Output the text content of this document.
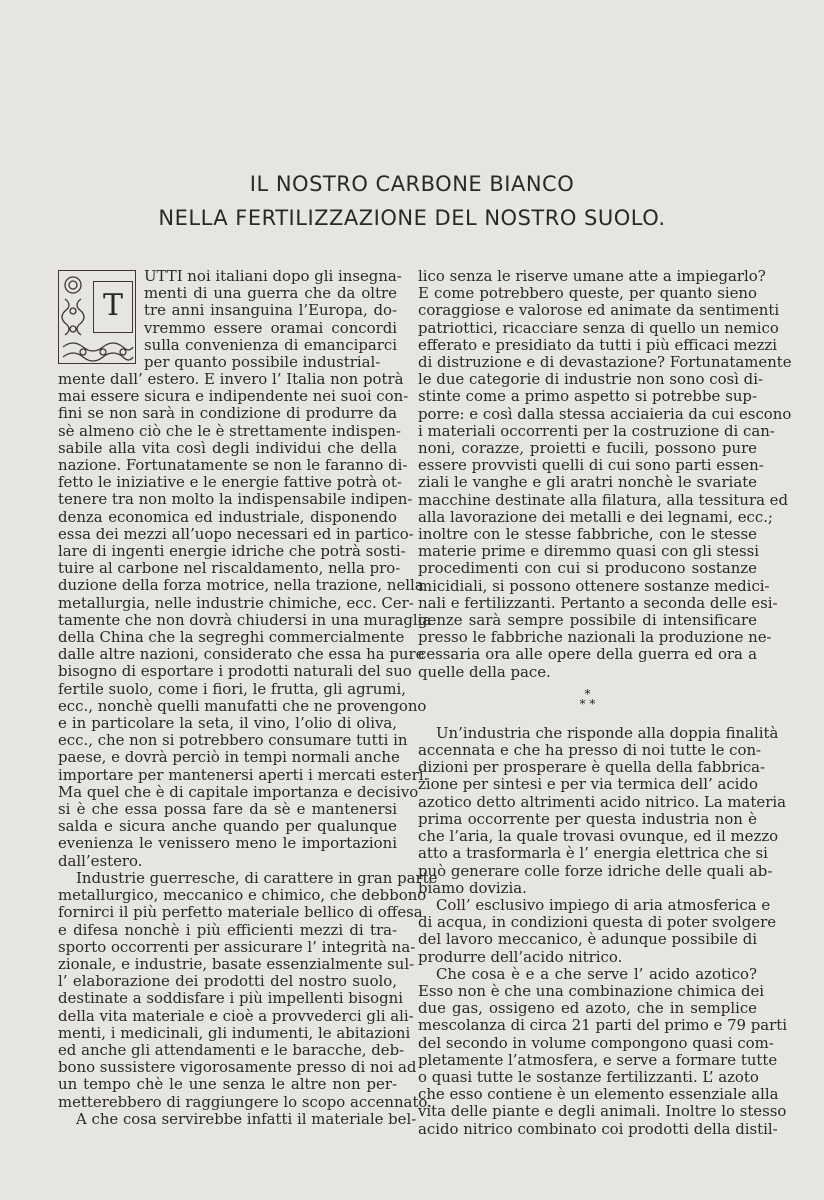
IL NOSTRO CARBONE BIANCO
NELLA FERTILIZZAZIONE DEL NOSTRO SUOLO.
T
UTTI noi italiani dopo gli insegna-
menti di una guerra che da oltre
tre anni insanguina l’Europa, do-
vremmo essere oramai concordi
sulla convenienza di emanciparci
per quanto possibile industrial-

mente dall’ estero. E invero l’ Italia non potrà
mai essere sicura e indipendente nei suoi con-
fini se non sarà in condizione di produrre da
sè almeno ciò che le è strettamente indispen-
sabile alla vita così degli individui che della
nazione. Fortunatamente se non le faranno di-
fetto le iniziative e le energie fattive potrà ot-
tenere tra non molto la indispensabile indipen-
denza economica ed industriale, disponendo
essa dei mezzi all’uopo necessari ed in partico-
lare di ingenti energie idriche che potrà sosti-
tuire al carbone nel riscaldamento, nella pro-
duzione della forza motrice, nella trazione, nella
metallurgia, nelle industrie chimiche, ecc. Cer-
tamente che non dovrà chiudersi in una muraglia
della China che la segreghi commercialmente
dalle altre nazioni, considerato che essa ha pure
bisogno di esportare i prodotti naturali del suo
fertile suolo, come i fiori, le frutta, gli agrumi,
ecc., nonchè quelli manufatti che ne provengono
e in particolare la seta, il vino, l’olio di oliva,
ecc., che non si potrebbero consumare tutti in
paese, e dovrà perciò in tempi normali anche
importare per mantenersi aperti i mercati esteri.
Ma quel che è di capitale importanza e decisivo
si è che essa possa fare da sè e mantenersi
salda e sicura anche quando per qualunque
evenienza le venissero meno le importazioni
dall’estero.

Industrie guerresche, di carattere in gran parte
metallurgico, meccanico e chimico, che debbono
fornirci il più perfetto materiale bellico di offesa
e difesa nonchè i più efficienti mezzi di tra-
sporto occorrenti per assicurare l’ integrità na-
zionale, e industrie, basate essenzialmente sul-
l’ elaborazione dei prodotti del nostro suolo,
destinate a soddisfare i più impellenti bisogni
della vita materiale e cioè a provvederci gli ali-
menti, i medicinali, gli indumenti, le abitazioni
ed anche gli attendamenti e le baracche, deb-
bono sussistere vigorosamente presso di noi ad
un tempo chè le une senza le altre non per-
metterebbero di raggiungere lo scopo accennato.

A che cosa servirebbe infatti il materiale bel-

lico senza le riserve umane atte a impiegarlo?
E come potrebbero queste, per quanto sieno
coraggiose e valorose ed animate da sentimenti
patriottici, ricacciare senza di quello un nemico
efferato e presidiato da tutti i più efficaci mezzi
di distruzione e di devastazione? Fortunatamente
le due categorie di industrie non sono così di-
stinte come a primo aspetto si potrebbe sup-
porre: e così dalla stessa acciaieria da cui escono
i materiali occorrenti per la costruzione di can-
noni, corazze, proietti e fucili, possono pure
essere provvisti quelli di cui sono parti essen-
ziali le vanghe e gli aratri nonchè le svariate
macchine destinate alla filatura, alla tessitura ed
alla lavorazione dei metalli e dei legnami, ecc.;
inoltre con le stesse fabbriche, con le stesse
materie prime e diremmo quasi con gli stessi
procedimenti con cui si producono sostanze
micidiali, si possono ottenere sostanze medici-
nali e fertilizzanti. Pertanto a seconda delle esi-
genze sarà sempre possibile di intensificare
presso le fabbriche nazionali la produzione ne-
cessaria ora alle opere della guerra ed ora a
quelle della pace.

*
* *

Un’industria che risponde alla doppia finalità
accennata e che ha presso di noi tutte le con-
dizioni per prosperare è quella della fabbrica-
zione per sintesi e per via termica dell’ acido
azotico detto altrimenti acido nitrico. La materia
prima occorrente per questa industria non è
che l’aria, la quale trovasi ovunque, ed il mezzo
atto a trasformarla è l’ energia elettrica che si
può generare colle forze idriche delle quali ab-
biamo dovizia.

Coll’ esclusivo impiego di aria atmosferica e
di acqua, in condizioni questa di poter svolgere
del lavoro meccanico, è adunque possibile di
produrre dell’acido nitrico.

Che cosa è e a che serve l’ acido azotico?
Esso non è che una combinazione chimica dei
due gas, ossigeno ed azoto, che in semplice
mescolanza di circa 21 parti del primo e 79 parti
del secondo in volume compongono quasi com-
pletamente l’atmosfera, e serve a formare tutte
o quasi tutte le sostanze fertilizzanti. L’ azoto
che esso contiene è un elemento essenziale alla
vita delle piante e degli animali. Inoltre lo stesso
acido nitrico combinato coi prodotti della distil-
